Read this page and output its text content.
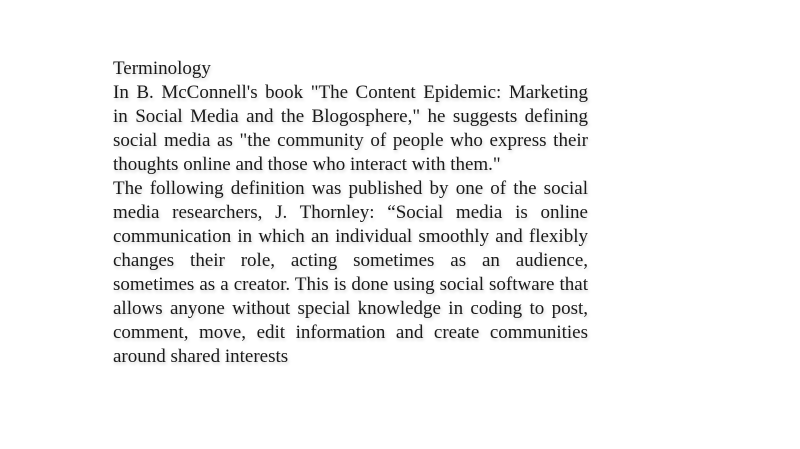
Terminology

In B. McConnell's book "The Content Epidemic: Marketing in Social Media and the Blogosphere," he suggests defining social media as "the community of people who express their thoughts online and those who interact with them."

The following definition was published by one of the social media researchers, J. Thornley: “Social media is online communication in which an individual smoothly and flexibly changes their role, acting sometimes as an audience, sometimes as a creator. This is done using social software that allows anyone without special knowledge in coding to post, comment, move, edit information and create communities around shared interests
